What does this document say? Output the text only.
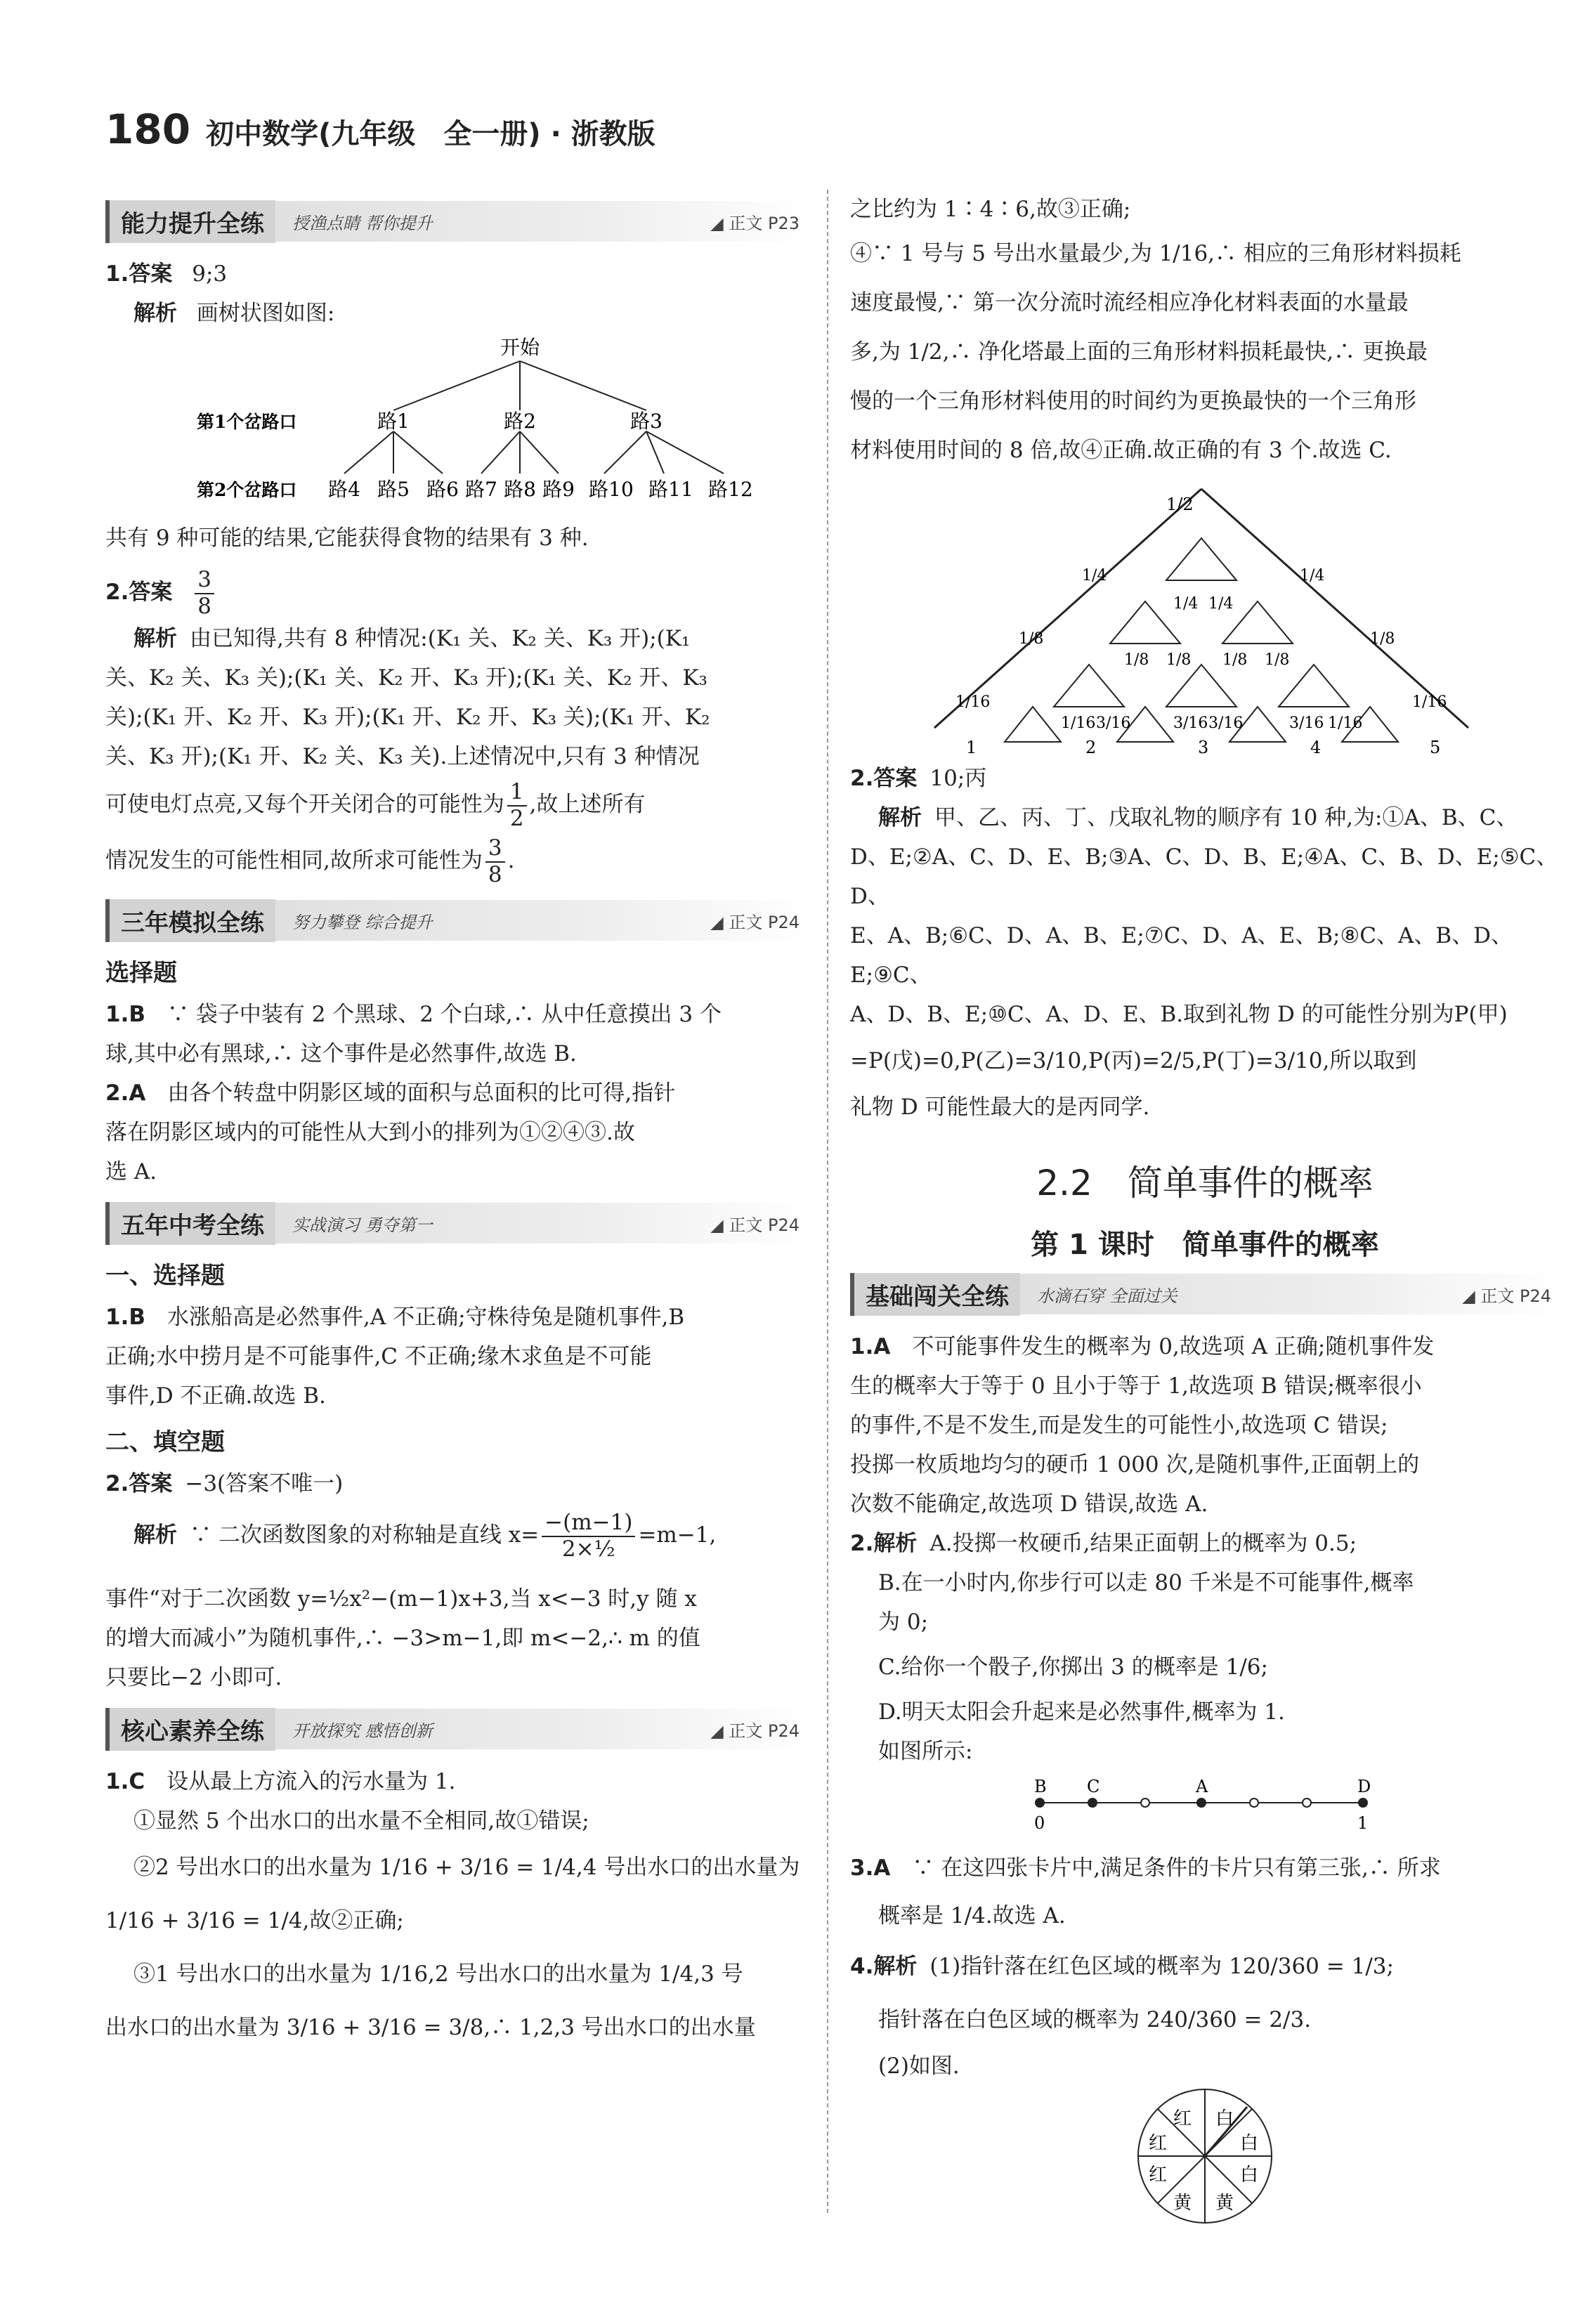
180 初中数学(九年级　全一册) · 浙教版
能力提升全练	授渔点睛 帮你提升	◢ 正文 P23

1.答案 9;3

解析 画树状图如图:

开始
第1个岔路口	路1	路2	路3
第2个岔路口 路4 路5 路6 路7 路8 路9 路10 路11 路12

共有 9 种可能的结果,它能获得食物的结果有 3 种.

2.答案 $\frac{3}{8}$

解析 由已知得,共有 8 种情况:(K₁ 关、K₂ 关、K₃ 开);(K₁

关、K₂ 关、K₃ 关);(K₁ 关、K₂ 开、K₃ 开);(K₁ 关、K₂ 开、K₃

关);(K₁ 开、K₂ 开、K₃ 开);(K₁ 开、K₂ 开、K₃ 关);(K₁ 开、K₂

关、K₃ 开);(K₁ 开、K₂ 关、K₃ 关).上述情况中,只有 3 种情况

可使电灯点亮,又每个开关闭合的可能性为 $\frac{1}{2}$ ,故上述所有

情况发生的可能性相同,故所求可能性为 $\frac{3}{8}$ .

三年模拟全练	努力攀登 综合提升	◢ 正文 P24
选择题

1.B　 ∵ 袋子中装有 2 个黑球、2 个白球,∴ 从中任意摸出 3 个

球,其中必有黑球,∴ 这个事件是必然事件,故选 B.

2.A　 由各个转盘中阴影区域的面积与总面积的比可得,指针

落在阴影区域内的可能性从大到小的排列为①②④③.故

选 A.

五年中考全练	实战演习 勇夺第一	◢ 正文 P24
一、选择题

1.B　 水涨船高是必然事件,A 不正确;守株待兔是随机事件,B

正确;水中捞月是不可能事件,C 不正确;缘木求鱼是不可能

事件,D 不正确.故选 B.

二、填空题

2.答案 −3(答案不唯一)

解析 ∵ 二次函数图象的对称轴是直线 $x= \frac{-(m-1)}{\text{2×½}} =m-1$,

事件“对于二次函数 y=½x²−(m−1)x+3,当 x<−3 时,y 随 x

的增大而减小”为随机事件,∴ −3>m−1,即 m<−2,∴ m 的值

只要比−2 小即可.

核心素养全练	开放探究 感悟创新	◢ 正文 P24

1.C　 设从最上方流入的污水量为 1.

①显然 5 个出水口的出水量不全相同,故①错误;

②2 号出水口的出水量为 1/16 + 3/16 = 1/4,4 号出水口的出水量为

1/16 + 3/16 = 1/4,故②正确;

③1 号出水口的出水量为 1/16,2 号出水口的出水量为 1/4,3 号

出水口的出水量为 3/16 + 3/16 = 3/8,∴ 1,2,3 号出水口的出水量

之比约为 1∶4∶6,故③正确;

④∵ 1 号与 5 号出水量最少,为 1/16,∴ 相应的三角形材料损耗

速度最慢,∵ 第一次分流时流经相应净化材料表面的水量最

多,为 1/2,∴ 净化塔最上面的三角形材料损耗最快,∴ 更换最

慢的一个三角形材料使用的时间约为更换最快的一个三角形

材料使用时间的 8 倍,故④正确.故正确的有 3 个.故选 C.

1/2
1/4
1/4 1/4
1/4
1/8
1/8 1/8 1/8 1/8
1/8
1/16
1/16 3/16	3/16 3/16	3/16 1/16
1/16
1	2	3	4	5

2.答案 10;丙

解析 甲、乙、丙、丁、戊取礼物的顺序有 10 种,为:①A、B、C、

D、E;②A、C、D、E、B;③A、C、D、B、E;④A、C、B、D、E;⑤C、D、

E、A、B;⑥C、D、A、B、E;⑦C、D、A、E、B;⑧C、A、B、D、E;⑨C、

A、D、B、E;⑩C、A、D、E、B.取到礼物 D 的可能性分别为P(甲)

=P(戊)=0,P(乙)=3/10,P(丙)=2/5,P(丁)=3/10,所以取到

礼物 D 可能性最大的是丙同学.

2.2　简单事件的概率
第 1 课时　简单事件的概率
基础闯关全练	水滴石穿 全面过关	◢ 正文 P24

1.A　 不可能事件发生的概率为 0,故选项 A 正确;随机事件发

生的概率大于等于 0 且小于等于 1,故选项 B 错误;概率很小

的事件,不是不发生,而是发生的可能性小,故选项 C 错误;

投掷一枚质地均匀的硬币 1 000 次,是随机事件,正面朝上的

次数不能确定,故选项 D 错误,故选 A.

2.解析 A.投掷一枚硬币,结果正面朝上的概率为 0.5;

B.在一小时内,你步行可以走 80 千米是不可能事件,概率

为 0;

C.给你一个骰子,你掷出 3 的概率是 1/6;

D.明天太阳会升起来是必然事件,概率为 1.

如图所示:

B C	A	D
0	1

3.A　 ∵ 在这四张卡片中,满足条件的卡片只有第三张,∴ 所求

概率是 1/4.故选 A.

4.解析 (1)指针落在红色区域的概率为 120/360 = 1/3;

指针落在白色区域的概率为 240/360 = 2/3.

(2)如图.

红 白
白
白
黄
黄
红
红
